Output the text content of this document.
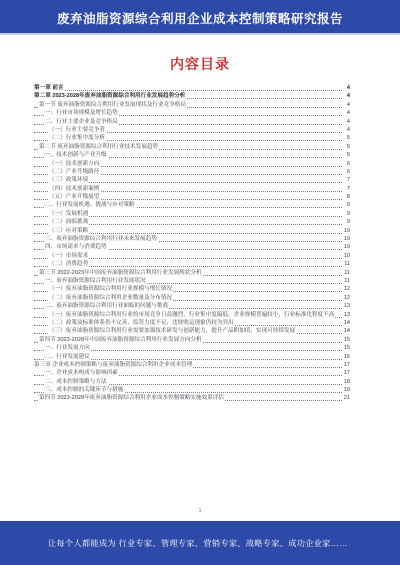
废弃油脂资源综合利用企业成本控制策略研究报告
内容目录
第一章 前言	4
第二章 2023-2028年废弃油脂资源综合利用行业发展趋势分析	4
第一节 废弃油脂资源综合利用行业发展现状及行业竞争格局	4
一、行业市场规模及增长趋势	4
二、行业主要企业及竞争格局	4
（一）行业主要竞争者	4
（二）行业集中度分析	5
第二节 废弃油脂资源综合利用行业技术发展趋势	5
一、技术创新与产业升级	5
（一）技术创新方向	6
（二）产业升级路径	6
（三）政策环境	7
（四）技术创新案例	7
（五）产业升级展望	8
二、行业发展机遇、挑战与应对策略	9
（一）发展机遇	9
（二）面临挑战	9
（三）应对策略	10
三、废弃油脂资源综合利用行业未来发展趋势	10
四、市场需求与消费趋势	10
（一）市场需求	10
（二）消费趋势	11
第三节 2022-2023年中国废弃油脂资源综合利用行业发展现状分析	11
一、废弃油脂资源综合利用行业发展状况	11
（一）废弃油脂资源综合利用行业规模与增长情况	12
（二）废弃油脂资源综合利用企业数量及分布情况	12
二、废弃油脂资源综合利用行业面临的问题与挑战	13
（一）废弃油脂资源综合利用行业的市场竞争日益激烈，行业集中度偏低，企业规模普遍较小，行业标准化程度不高 13
（二）政策及标准体系仍不完善，监管力度不足，违规收运现象仍较为突出	14
（三）废弃油脂资源综合利用行业需要加强技术研发与创新能力，提升产品附加值，实现可持续发展	14
第四节 2023-2028年中国废弃油脂资源综合利用行业发展方向分析	15
一、行业发展方向	15
二、行业发展建议	16
第三章 企业成本控制策略与废弃油脂资源综合利用企业成本管理	17
一、企业成本构成与影响因素	17
二、成本控制策略与方法	18
三、成本控制的关键环节与措施	19
第四节 2023-2028年废弃油脂资源综合利用企业成本控制策略实施效果评估	21
1
让每个人都能成为 行业专家、管理专家、营销专家、战略专家、成功企业家……
